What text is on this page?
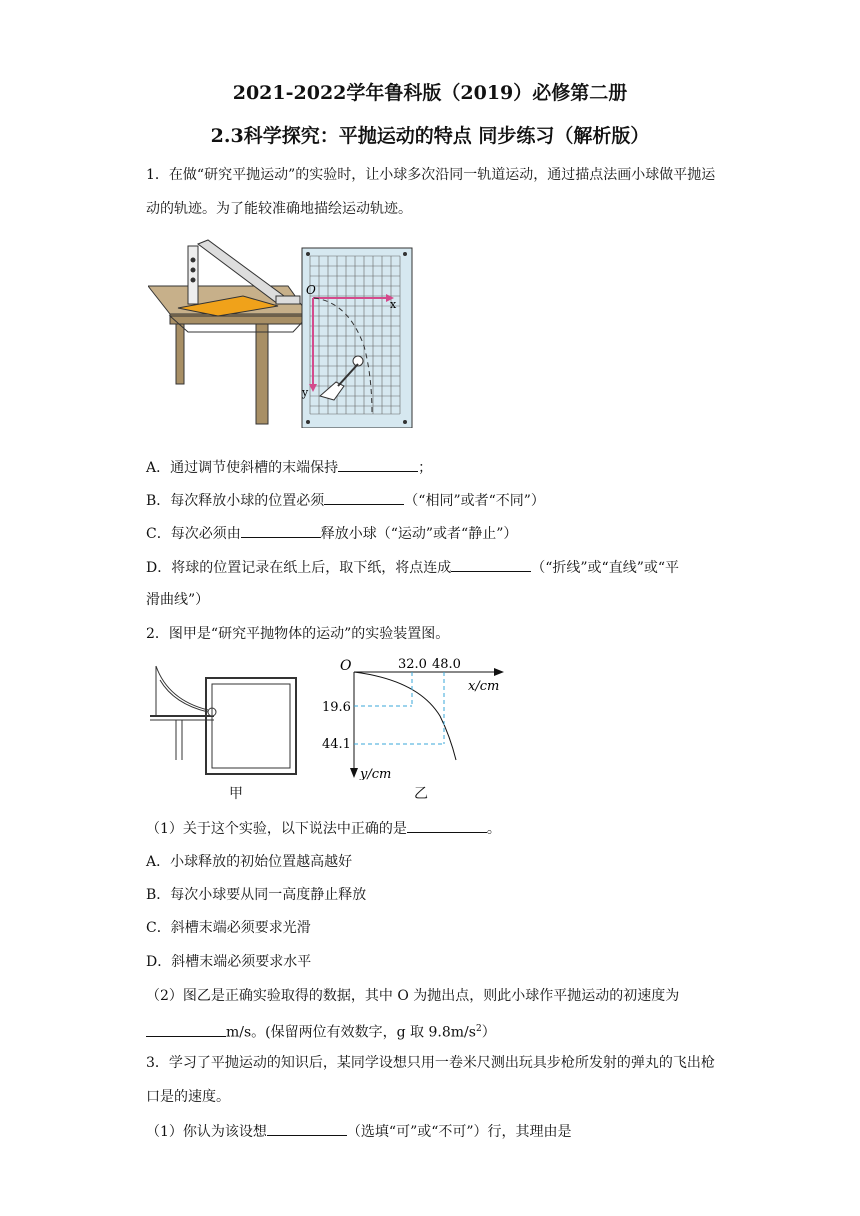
2021-2022学年鲁科版（2019）必修第二册
2.3科学探究：平抛运动的特点 同步练习（解析版）
1．在做“研究平抛运动”的实验时，让小球多次沿同一轨道运动，通过描点法画小球做平抛运动的轨迹。为了能较准确地描绘运动轨迹。
O
x
y
A．通过调节使斜槽的末端保持	；
B．每次释放小球的位置必须	（“相同”或者“不同”）
C．每次必须由	释放小球（“运动”或者“静止”）
D．将球的位置记录在纸上后，取下纸，将点连成	（“折线”或“直线”或“平
滑曲线”）
2．图甲是“研究平抛物体的运动”的实验装置图。
甲
O	32.0 48.0
x/cm
19.6
44.1
y/cm
乙
（1）关于这个实验，以下说法中正确的是	。
A．小球释放的初始位置越高越好
B．每次小球要从同一高度静止释放
C．斜槽末端必须要求光滑
D．斜槽末端必须要求水平
（2）图乙是正确实验取得的数据，其中 O 为抛出点，则此小球作平抛运动的初速度为
m/s。(保留两位有效数字，g 取 $9.8m/s^2$）
3．学习了平抛运动的知识后，某同学设想只用一卷米尺测出玩具步枪所发射的弹丸的飞出枪口是的速度。
（1）你认为该设想	（选填“可”或“不可”）行，其理由是
